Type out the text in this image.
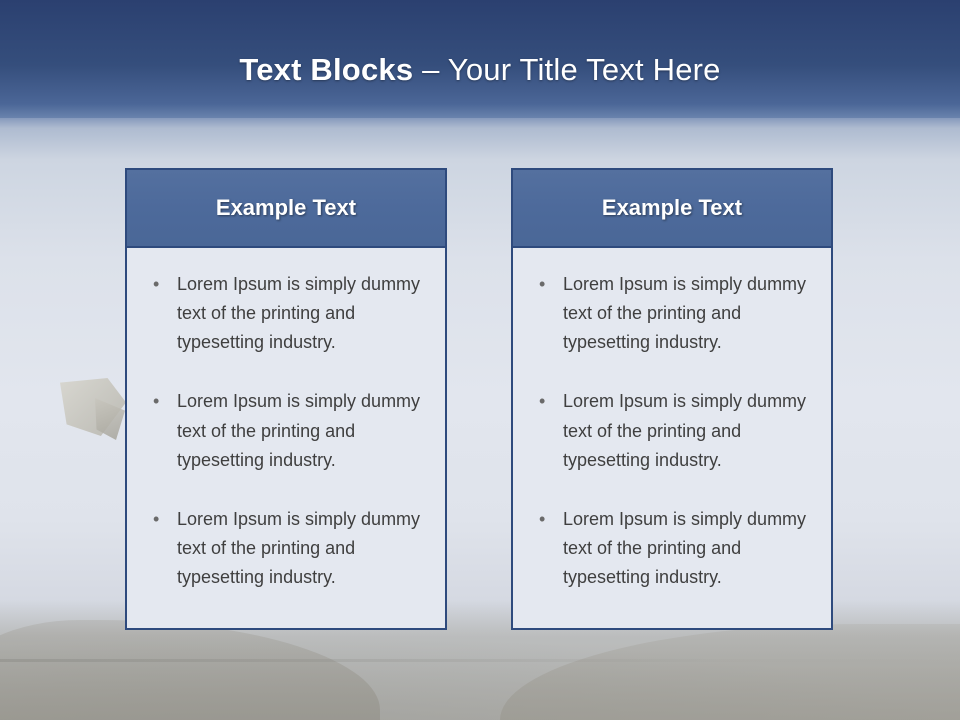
Text Blocks – Your Title Text Here
Example Text
• Lorem Ipsum is simply dummy text of the printing and typesetting industry.
• Lorem Ipsum is simply dummy text of the printing and typesetting industry.
• Lorem Ipsum is simply dummy text of the printing and typesetting industry.
Example Text
• Lorem Ipsum is simply dummy text of the printing and typesetting industry.
• Lorem Ipsum is simply dummy text of the printing and typesetting industry.
• Lorem Ipsum is simply dummy text of the printing and typesetting industry.
